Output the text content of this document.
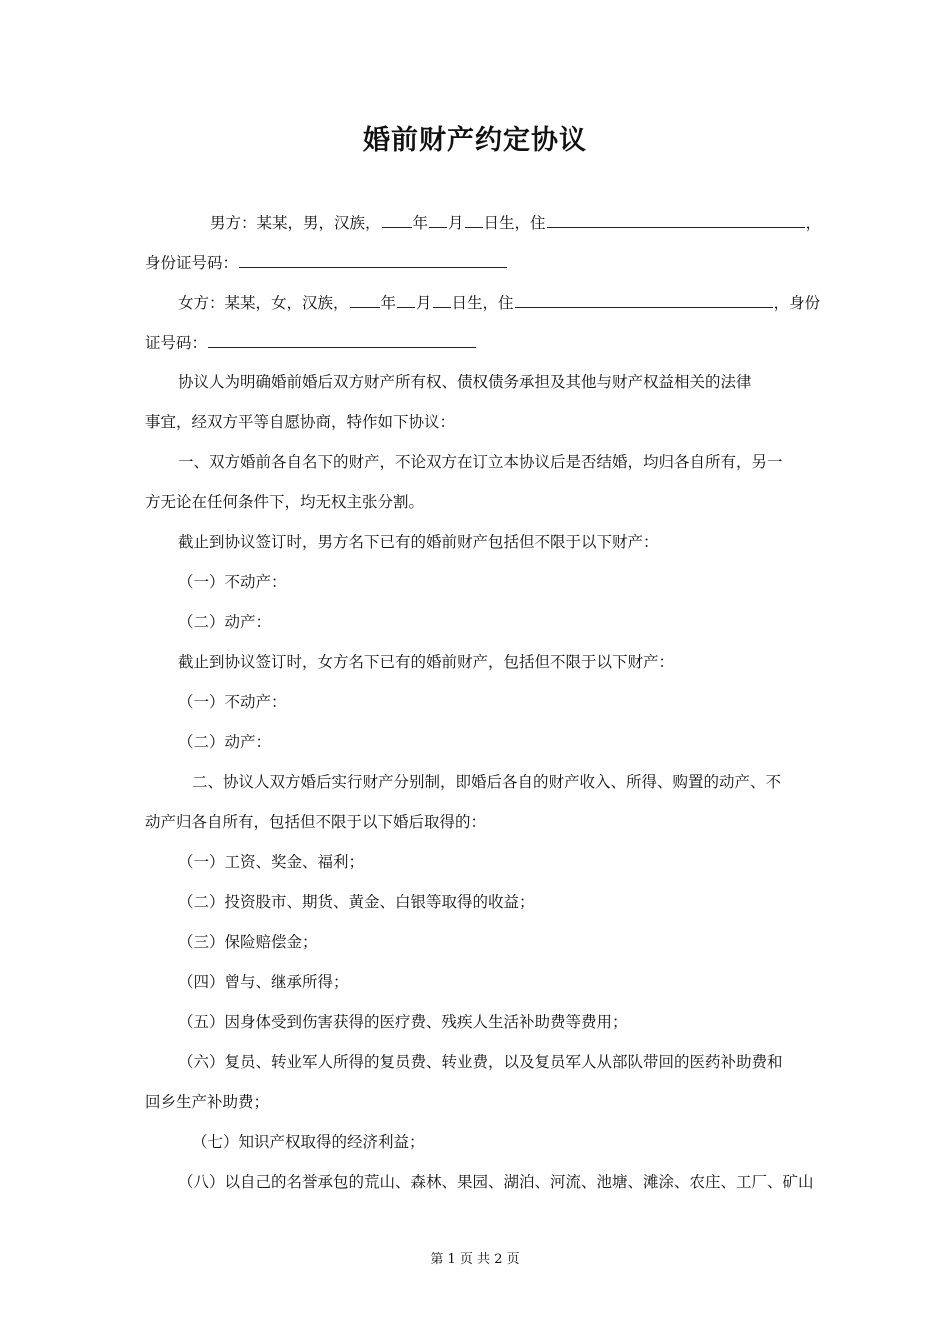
婚前财产约定协议
男方：某某，男，汉族， 年 月 日生，住	，
身份证号码：
女方：某某，女，汉族， 年 月 日生，住	，身份
证号码：
协议人为明确婚前婚后双方财产所有权、债权债务承担及其他与财产权益相关的法律
事宜，经双方平等自愿协商，特作如下协议：
一、双方婚前各自名下的财产，不论双方在订立本协议后是否结婚，均归各自所有，另一
方无论在任何条件下，均无权主张分割。
截止到协议签订时，男方名下已有的婚前财产包括但不限于以下财产：
（一）不动产：
（二）动产：
截止到协议签订时，女方名下已有的婚前财产，包括但不限于以下财产：
（一）不动产：
（二）动产：
二、协议人双方婚后实行财产分别制，即婚后各自的财产收入、所得、购置的动产、不
动产归各自所有，包括但不限于以下婚后取得的：
（一）工资、奖金、福利；
（二）投资股市、期货、黄金、白银等取得的收益；
（三）保险赔偿金；
（四）曾与、继承所得；
（五）因身体受到伤害获得的医疗费、残疾人生活补助费等费用；
（六）复员、转业军人所得的复员费、转业费，以及复员军人从部队带回的医药补助费和
回乡生产补助费；
（七）知识产权取得的经济利益；
（八）以自己的名誉承包的荒山、森林、果园、湖泊、河流、池塘、滩涂、农庄、工厂、矿山
第 1 页 共 2 页
